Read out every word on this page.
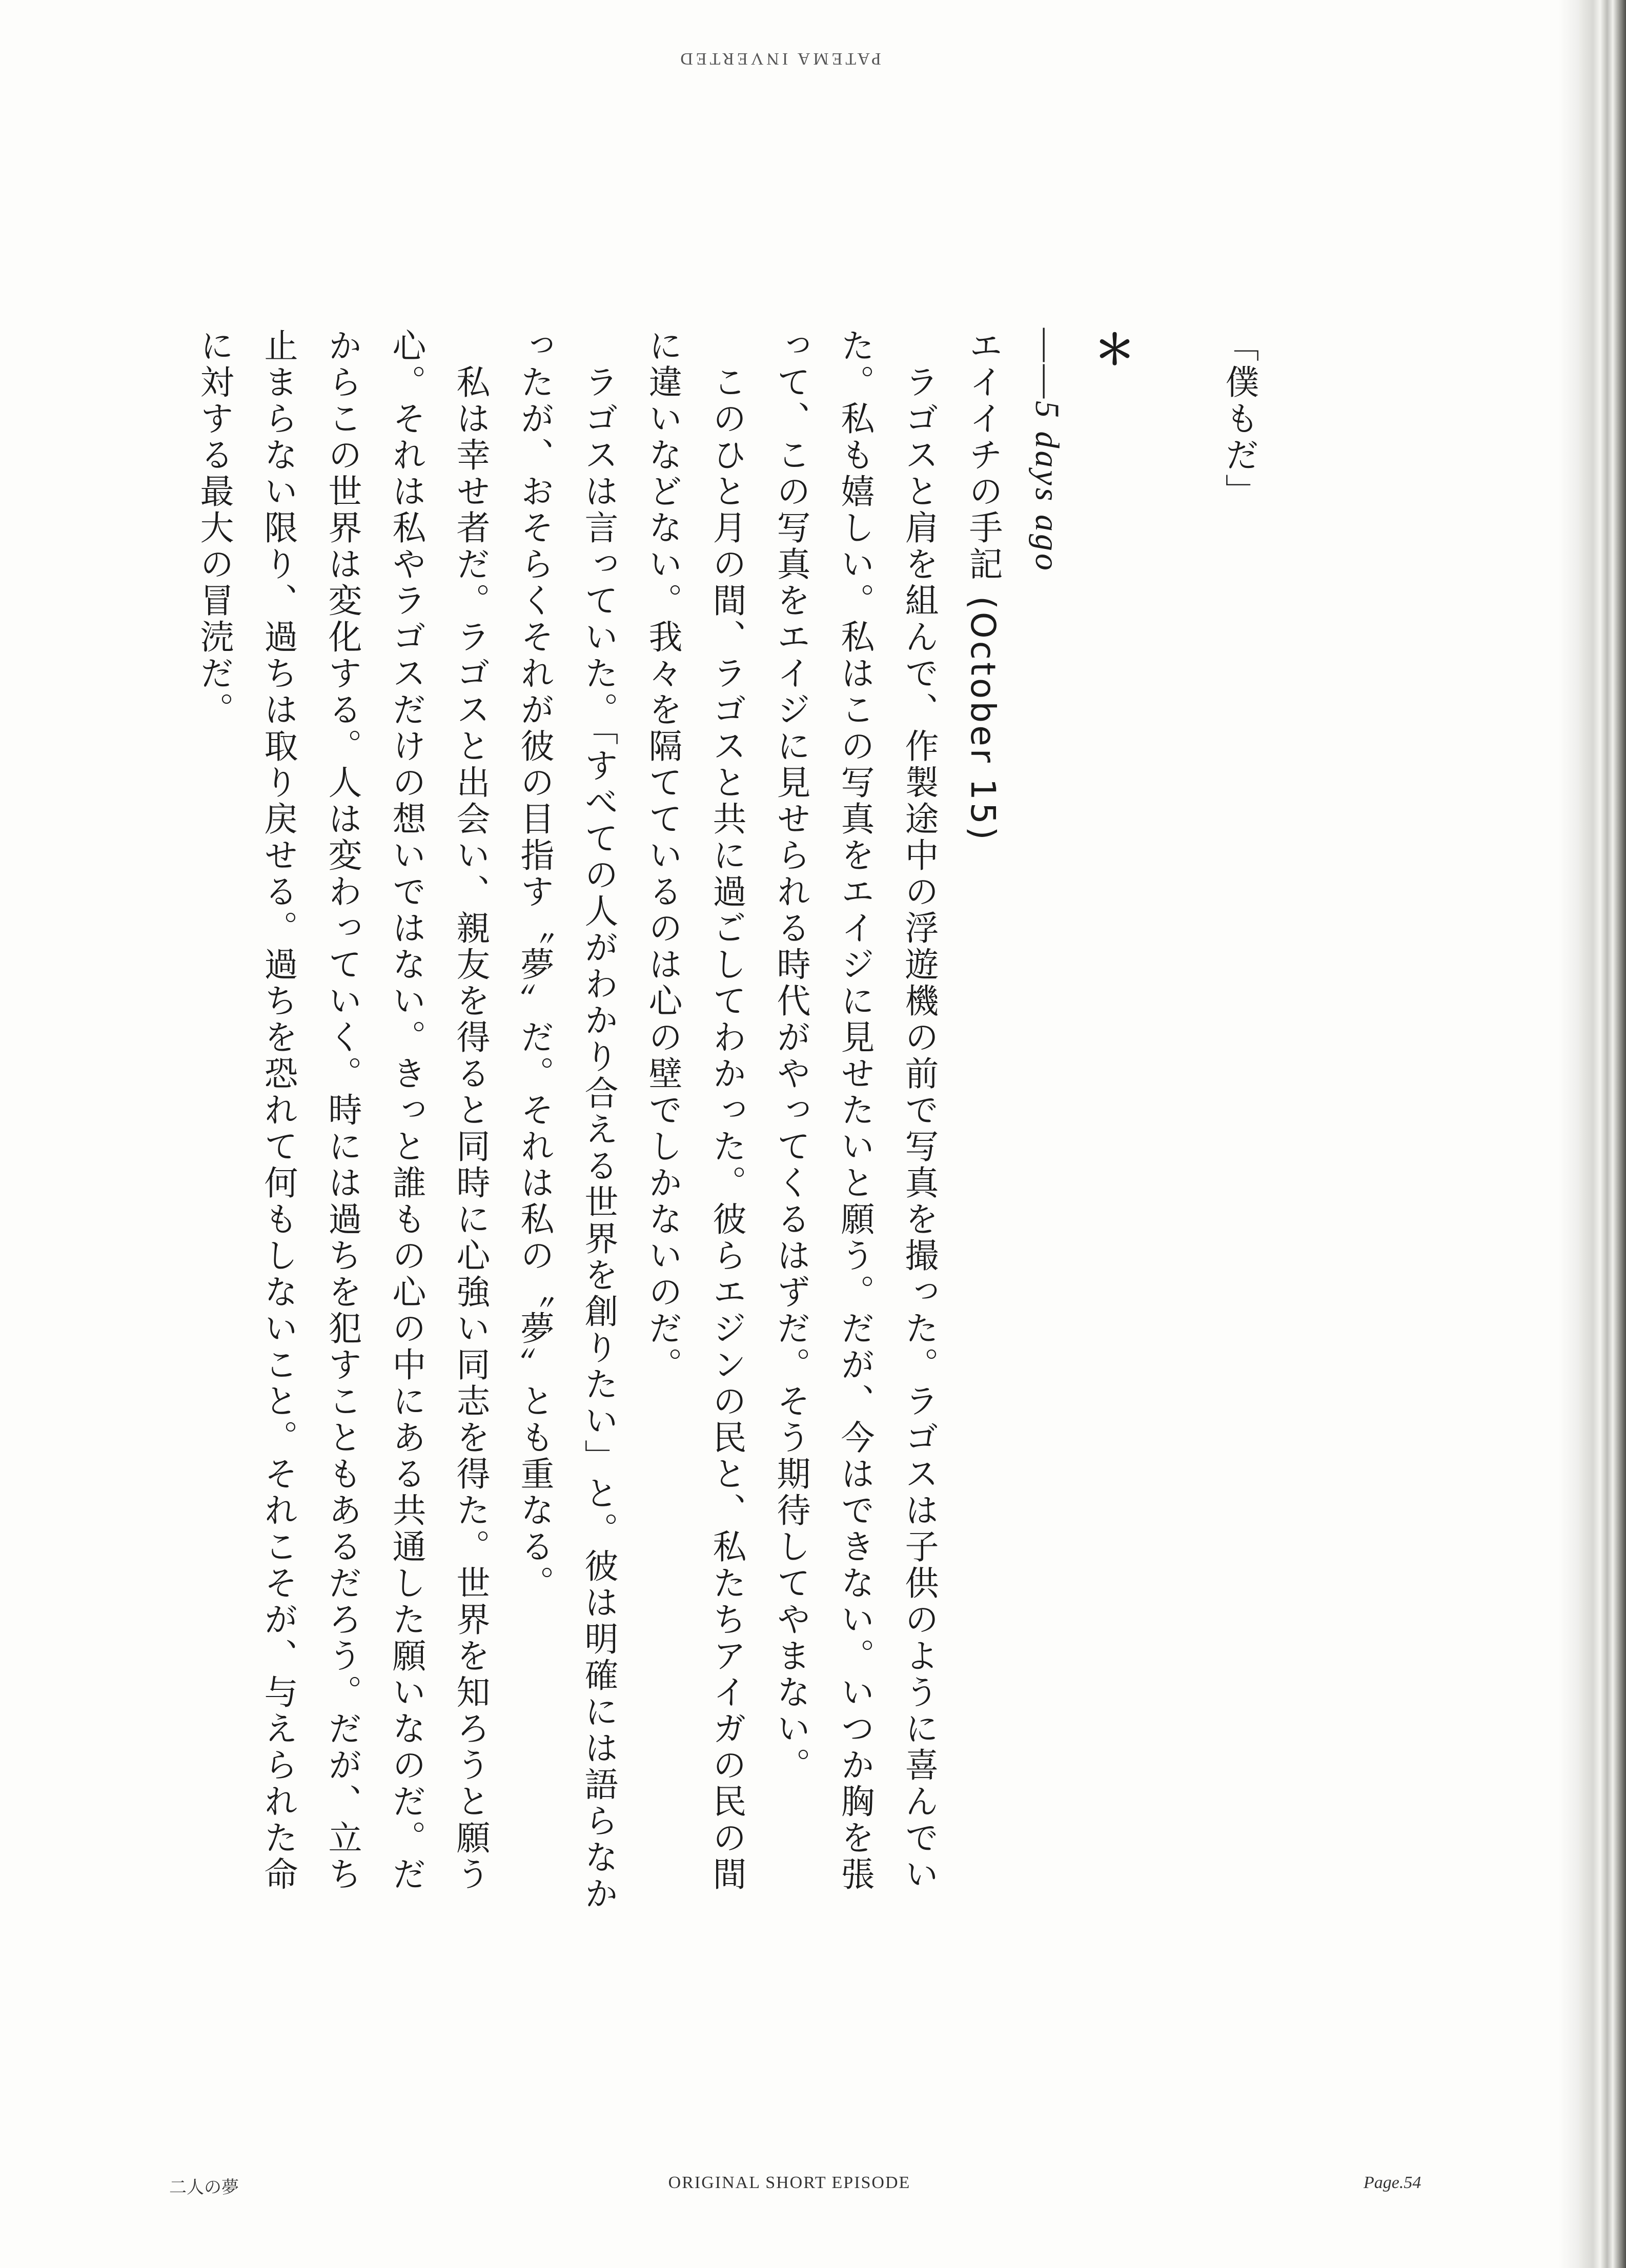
PATEMA INVERTED

「僕もだ」

＊

――5 days ago

エイイチの手記 (October 15)

　ラゴスと肩を組んで、作製途中の浮遊機の前で写真を撮った。ラゴスは子供のように喜んでいた。私も嬉しい。私はこの写真をエイジに見せたいと願う。だが、今はできない。いつか胸を張って、この写真をエイジに見せられる時代がやってくるはずだ。そう期待してやまない。

　このひと月の間、ラゴスと共に過ごしてわかった。彼らエジンの民と、私たちアイガの民の間に違いなどない。我々を隔てているのは心の壁でしかないのだ。

　ラゴスは言っていた。「すべての人がわかり合える世界を創りたい」と。彼は明確には語らなかったが、おそらくそれが彼の目指す〝夢〟だ。それは私の〝夢〟とも重なる。

　私は幸せ者だ。ラゴスと出会い、親友を得ると同時に心強い同志を得た。世界を知ろうと願う心。それは私やラゴスだけの想いではない。きっと誰もの心の中にある共通した願いなのだ。だからこの世界は変化する。人は変わっていく。時には過ちを犯すこともあるだろう。だが、立ち止まらない限り、過ちは取り戻せる。過ちを恐れて何もしないこと。それこそが、与えられた命に対する最大の冒涜だ。

二人の夢	ORIGINAL SHORT EPISODE	Page.54
